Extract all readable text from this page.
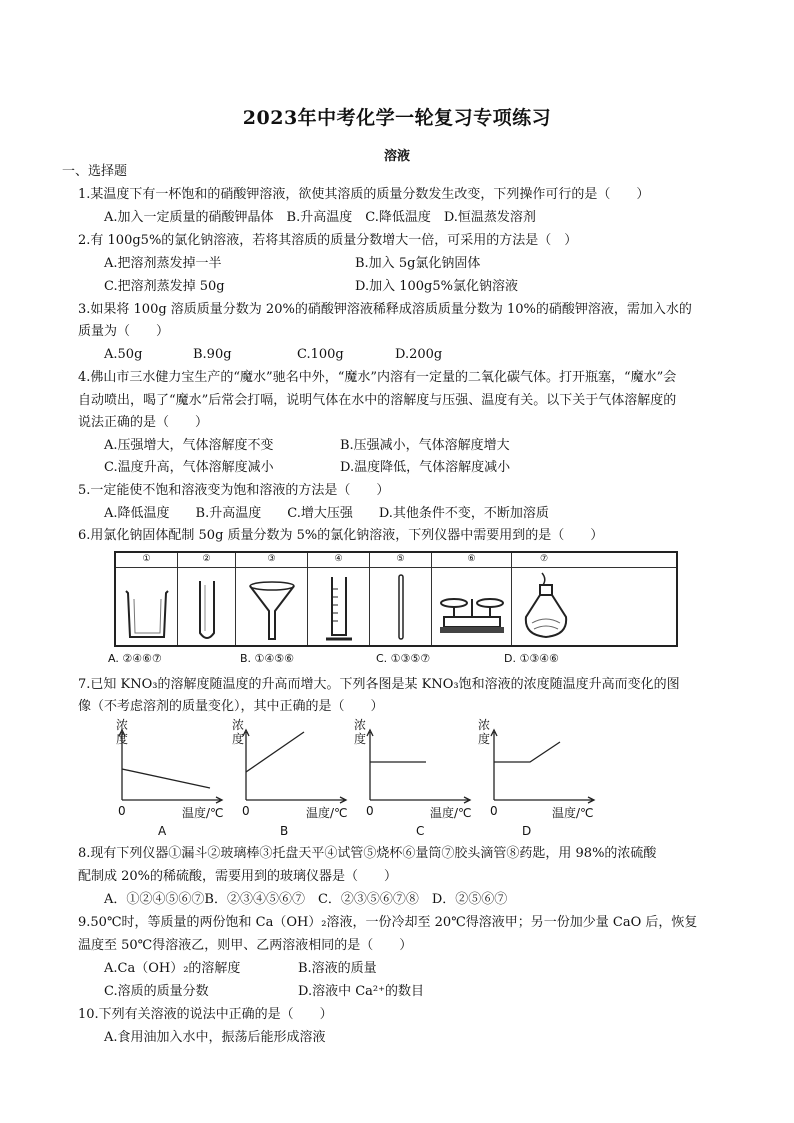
2023年中考化学一轮复习专项练习
溶液
一、选择题
1.某温度下有一杯饱和的硝酸钾溶液，欲使其溶质的质量分数发生改变，下列操作可行的是（　　）
A.加入一定质量的硝酸钾晶体　B.升高温度　C.降低温度　D.恒温蒸发溶剂
2.有 100g5%的氯化钠溶液，若将其溶质的质量分数增大一倍，可采用的方法是（　）
A.把溶剂蒸发掉一半	B.加入 5g氯化钠固体
C.把溶剂蒸发掉 50g	D.加入 100g5%氯化钠溶液
3.如果将 100g 溶质质量分数为 20%的硝酸钾溶液稀释成溶质质量分数为 10%的硝酸钾溶液，需加入水的
质量为（　　）
A.50g	B.90g	C.100g	D.200g
4.佛山市三水健力宝生产的“魔水”驰名中外，“魔水”内溶有一定量的二氧化碳气体。打开瓶塞，“魔水”会
自动喷出，喝了“魔水”后常会打嗝，说明气体在水中的溶解度与压强、温度有关。以下关于气体溶解度的
说法正确的是（　　）
A.压强增大，气体溶解度不变	B.压强减小，气体溶解度增大
C.温度升高，气体溶解度减小	D.温度降低，气体溶解度减小
5.一定能使不饱和溶液变为饱和溶液的方法是（　　）
A.降低温度　　B.升高温度　　C.增大压强　　D.其他条件不变，不断加溶质
6.用氯化钠固体配制 50g 质量分数为 5%的氯化钠溶液，下列仪器中需要用到的是（　　）
①	②	③	④	⑤	⑥	⑦
A. ②④⑥⑦	B. ①④⑤⑥	C. ①③⑤⑦	D. ①③④⑥
7.已知 KNO₃的溶解度随温度的升高而增大。下列各图是某 KNO₃饱和溶液的浓度随温度升高而变化的图
像（不考虑溶剂的质量变化），其中正确的是（　　）
浓
度
0	温度/℃
A
浓
度
0	温度/℃
B
浓
度
0	温度/℃
C
浓
度
0	温度/℃
D
8.现有下列仪器①漏斗②玻璃棒③托盘天平④试管⑤烧杯⑥量筒⑦胶头滴管⑧药匙，用 98%的浓硫酸
配制成 20%的稀硫酸，需要用到的玻璃仪器是（　　）
A．①②④⑤⑥⑦B．②③④⑤⑥⑦　C．②③⑤⑥⑦⑧　D．②⑤⑥⑦
9.50℃时，等质量的两份饱和 Ca（OH）₂溶液，一份冷却至 20℃得溶液甲；另一份加少量 CaO 后，恢复
温度至 50℃得溶液乙，则甲、乙两溶液相同的是（　　）
A.Ca（OH）₂的溶解度	B.溶液的质量
C.溶质的质量分数	D.溶液中 Ca²⁺的数目
10.下列有关溶液的说法中正确的是（　　）
A.食用油加入水中，振荡后能形成溶液
